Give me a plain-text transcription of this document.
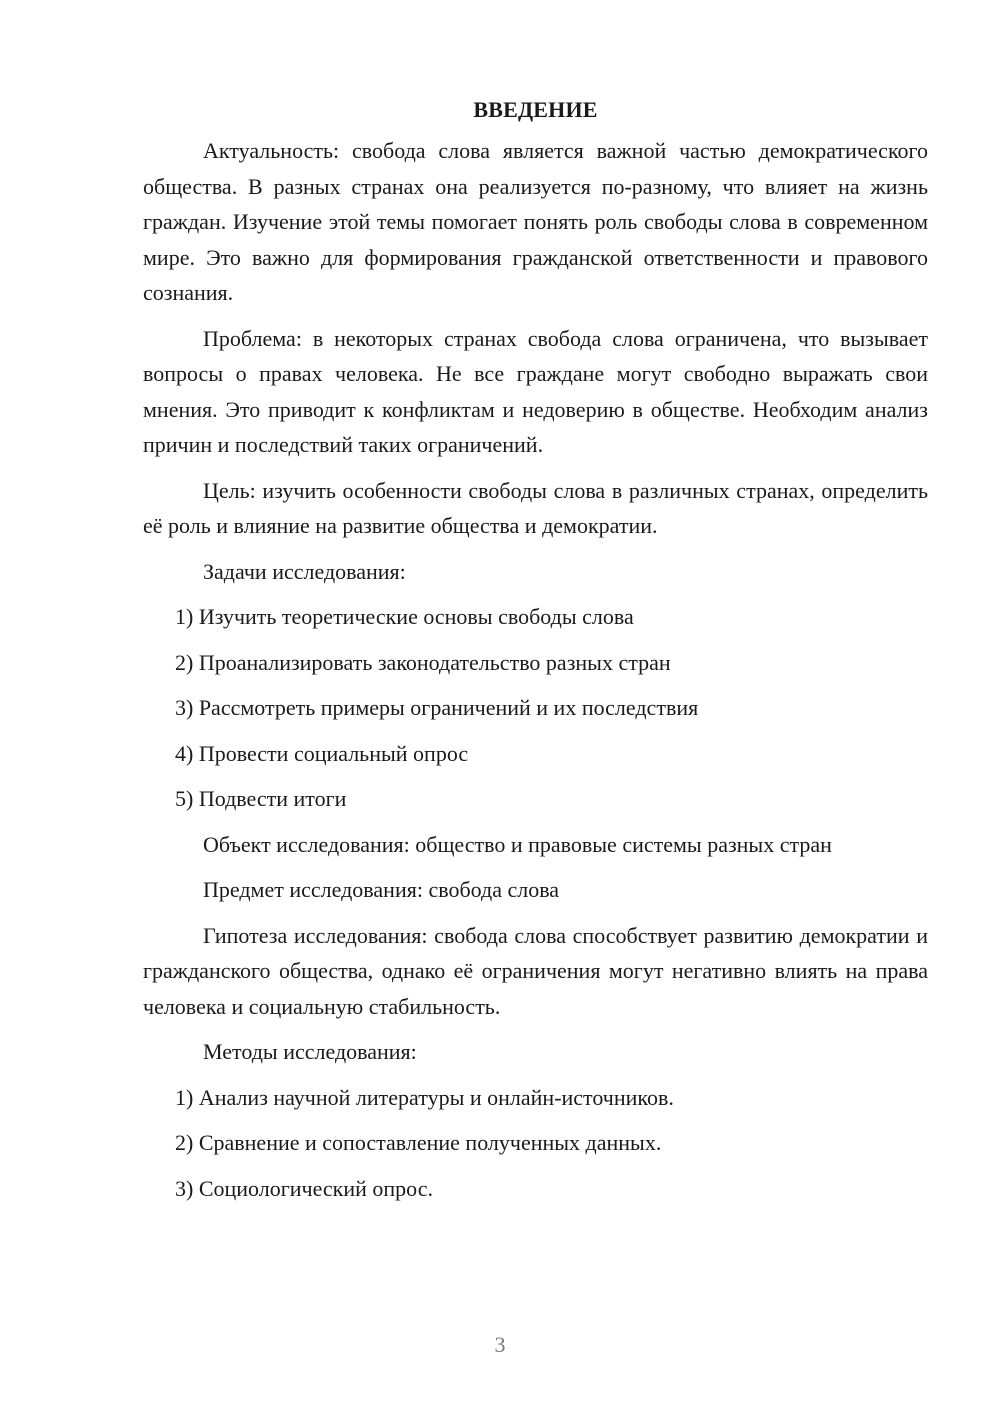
ВВЕДЕНИЕ

Актуальность: свобода слова является важной частью демократического общества. В разных странах она реализуется по-разному, что влияет на жизнь граждан. Изучение этой темы помогает понять роль свободы слова в современном мире. Это важно для формирования гражданской ответственности и правового сознания.

Проблема: в некоторых странах свобода слова ограничена, что вызывает вопросы о правах человека. Не все граждане могут свободно выражать свои мнения. Это приводит к конфликтам и недоверию в обществе. Необходим анализ причин и последствий таких ограничений.

Цель: изучить особенности свободы слова в различных странах, определить её роль и влияние на развитие общества и демократии.

Задачи исследования:
1) Изучить теоретические основы свободы слова
2) Проанализировать законодательство разных стран
3) Рассмотреть примеры ограничений и их последствия
4) Провести социальный опрос
5) Подвести итоги
Объект исследования: общество и правовые системы разных стран
Предмет исследования: свобода слова

Гипотеза исследования: свобода слова способствует развитию демократии и гражданского общества, однако её ограничения могут негативно влиять на права человека и социальную стабильность.

Методы исследования:
1) Анализ научной литературы и онлайн-источников.
2) Сравнение и сопоставление полученных данных.
3) Социологический опрос.
3
